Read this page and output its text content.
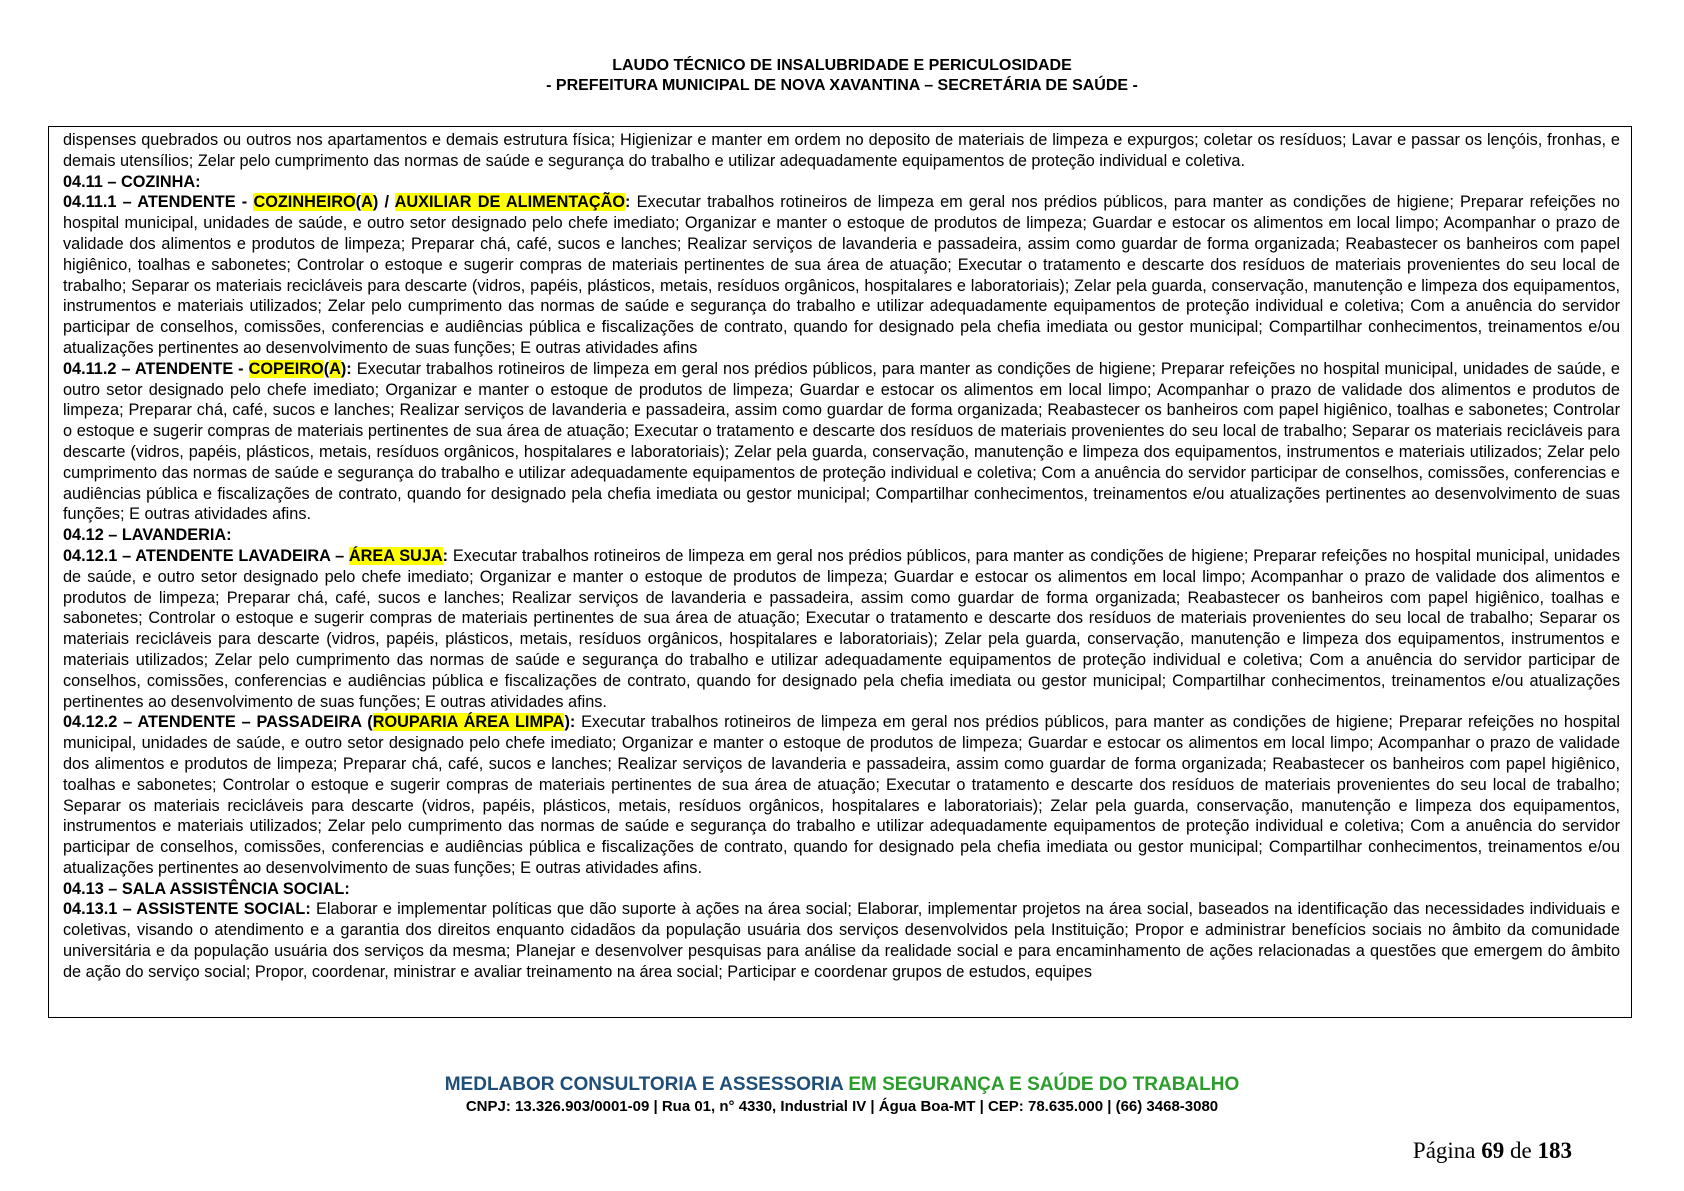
LAUDO TÉCNICO DE INSALUBRIDADE E PERICULOSIDADE
- PREFEITURA MUNICIPAL DE NOVA XAVANTINA – SECRETÁRIA DE SAÚDE -

dispenses quebrados ou outros nos apartamentos e demais estrutura física; Higienizar e manter em ordem no deposito de materiais de limpeza e expurgos; coletar os resíduos; Lavar e passar os lençóis, fronhas, e demais utensílios; Zelar pelo cumprimento das normas de saúde e segurança do trabalho e utilizar adequadamente equipamentos de proteção individual e coletiva.

04.11 – COZINHA:

04.11.1 – ATENDENTE - COZINHEIRO(A) / AUXILIAR DE ALIMENTAÇÃO: Executar trabalhos rotineiros de limpeza em geral nos prédios públicos, para manter as condições de higiene; Preparar refeições no hospital municipal, unidades de saúde, e outro setor designado pelo chefe imediato; Organizar e manter o estoque de produtos de limpeza; Guardar e estocar os alimentos em local limpo; Acompanhar o prazo de validade dos alimentos e produtos de limpeza; Preparar chá, café, sucos e lanches; Realizar serviços de lavanderia e passadeira, assim como guardar de forma organizada; Reabastecer os banheiros com papel higiênico, toalhas e sabonetes; Controlar o estoque e sugerir compras de materiais pertinentes de sua área de atuação; Executar o tratamento e descarte dos resíduos de materiais provenientes do seu local de trabalho; Separar os materiais recicláveis para descarte (vidros, papéis, plásticos, metais, resíduos orgânicos, hospitalares e laboratoriais); Zelar pela guarda, conservação, manutenção e limpeza dos equipamentos, instrumentos e materiais utilizados; Zelar pelo cumprimento das normas de saúde e segurança do trabalho e utilizar adequadamente equipamentos de proteção individual e coletiva; Com a anuência do servidor participar de conselhos, comissões, conferencias e audiências pública e fiscalizações de contrato, quando for designado pela chefia imediata ou gestor municipal; Compartilhar conhecimentos, treinamentos e/ou atualizações pertinentes ao desenvolvimento de suas funções; E outras atividades afins

04.11.2 – ATENDENTE - COPEIRO(A): Executar trabalhos rotineiros de limpeza em geral nos prédios públicos, para manter as condições de higiene; Preparar refeições no hospital municipal, unidades de saúde, e outro setor designado pelo chefe imediato; Organizar e manter o estoque de produtos de limpeza; Guardar e estocar os alimentos em local limpo; Acompanhar o prazo de validade dos alimentos e produtos de limpeza; Preparar chá, café, sucos e lanches; Realizar serviços de lavanderia e passadeira, assim como guardar de forma organizada; Reabastecer os banheiros com papel higiênico, toalhas e sabonetes; Controlar o estoque e sugerir compras de materiais pertinentes de sua área de atuação; Executar o tratamento e descarte dos resíduos de materiais provenientes do seu local de trabalho; Separar os materiais recicláveis para descarte (vidros, papéis, plásticos, metais, resíduos orgânicos, hospitalares e laboratoriais); Zelar pela guarda, conservação, manutenção e limpeza dos equipamentos, instrumentos e materiais utilizados; Zelar pelo cumprimento das normas de saúde e segurança do trabalho e utilizar adequadamente equipamentos de proteção individual e coletiva; Com a anuência do servidor participar de conselhos, comissões, conferencias e audiências pública e fiscalizações de contrato, quando for designado pela chefia imediata ou gestor municipal; Compartilhar conhecimentos, treinamentos e/ou atualizações pertinentes ao desenvolvimento de suas funções; E outras atividades afins.

04.12 – LAVANDERIA:

04.12.1 – ATENDENTE LAVADEIRA – ÁREA SUJA: Executar trabalhos rotineiros de limpeza em geral nos prédios públicos, para manter as condições de higiene; Preparar refeições no hospital municipal, unidades de saúde, e outro setor designado pelo chefe imediato; Organizar e manter o estoque de produtos de limpeza; Guardar e estocar os alimentos em local limpo; Acompanhar o prazo de validade dos alimentos e produtos de limpeza; Preparar chá, café, sucos e lanches; Realizar serviços de lavanderia e passadeira, assim como guardar de forma organizada; Reabastecer os banheiros com papel higiênico, toalhas e sabonetes; Controlar o estoque e sugerir compras de materiais pertinentes de sua área de atuação; Executar o tratamento e descarte dos resíduos de materiais provenientes do seu local de trabalho; Separar os materiais recicláveis para descarte (vidros, papéis, plásticos, metais, resíduos orgânicos, hospitalares e laboratoriais); Zelar pela guarda, conservação, manutenção e limpeza dos equipamentos, instrumentos e materiais utilizados; Zelar pelo cumprimento das normas de saúde e segurança do trabalho e utilizar adequadamente equipamentos de proteção individual e coletiva; Com a anuência do servidor participar de conselhos, comissões, conferencias e audiências pública e fiscalizações de contrato, quando for designado pela chefia imediata ou gestor municipal; Compartilhar conhecimentos, treinamentos e/ou atualizações pertinentes ao desenvolvimento de suas funções; E outras atividades afins.

04.12.2 – ATENDENTE – PASSADEIRA (ROUPARIA ÁREA LIMPA): Executar trabalhos rotineiros de limpeza em geral nos prédios públicos, para manter as condições de higiene; Preparar refeições no hospital municipal, unidades de saúde, e outro setor designado pelo chefe imediato; Organizar e manter o estoque de produtos de limpeza; Guardar e estocar os alimentos em local limpo; Acompanhar o prazo de validade dos alimentos e produtos de limpeza; Preparar chá, café, sucos e lanches; Realizar serviços de lavanderia e passadeira, assim como guardar de forma organizada; Reabastecer os banheiros com papel higiênico, toalhas e sabonetes; Controlar o estoque e sugerir compras de materiais pertinentes de sua área de atuação; Executar o tratamento e descarte dos resíduos de materiais provenientes do seu local de trabalho; Separar os materiais recicláveis para descarte (vidros, papéis, plásticos, metais, resíduos orgânicos, hospitalares e laboratoriais); Zelar pela guarda, conservação, manutenção e limpeza dos equipamentos, instrumentos e materiais utilizados; Zelar pelo cumprimento das normas de saúde e segurança do trabalho e utilizar adequadamente equipamentos de proteção individual e coletiva; Com a anuência do servidor participar de conselhos, comissões, conferencias e audiências pública e fiscalizações de contrato, quando for designado pela chefia imediata ou gestor municipal; Compartilhar conhecimentos, treinamentos e/ou atualizações pertinentes ao desenvolvimento de suas funções; E outras atividades afins.

04.13 – SALA ASSISTÊNCIA SOCIAL:

04.13.1 – ASSISTENTE SOCIAL: Elaborar e implementar políticas que dão suporte à ações na área social; Elaborar, implementar projetos na área social, baseados na identificação das necessidades individuais e coletivas, visando o atendimento e a garantia dos direitos enquanto cidadãos da população usuária dos serviços desenvolvidos pela Instituição; Propor e administrar benefícios sociais no âmbito da comunidade universitária e da população usuária dos serviços da mesma; Planejar e desenvolver pesquisas para análise da realidade social e para encaminhamento de ações relacionadas a questões que emergem do âmbito de ação do serviço social; Propor, coordenar, ministrar e avaliar treinamento na área social; Participar e coordenar grupos de estudos, equipes

MEDLABOR CONSULTORIA E ASSESSORIA EM SEGURANÇA E SAÚDE DO TRABALHO
CNPJ: 13.326.903/0001-09 | Rua 01, n° 4330, Industrial IV | Água Boa-MT | CEP: 78.635.000 | (66) 3468-3080
Página 69 de 183
